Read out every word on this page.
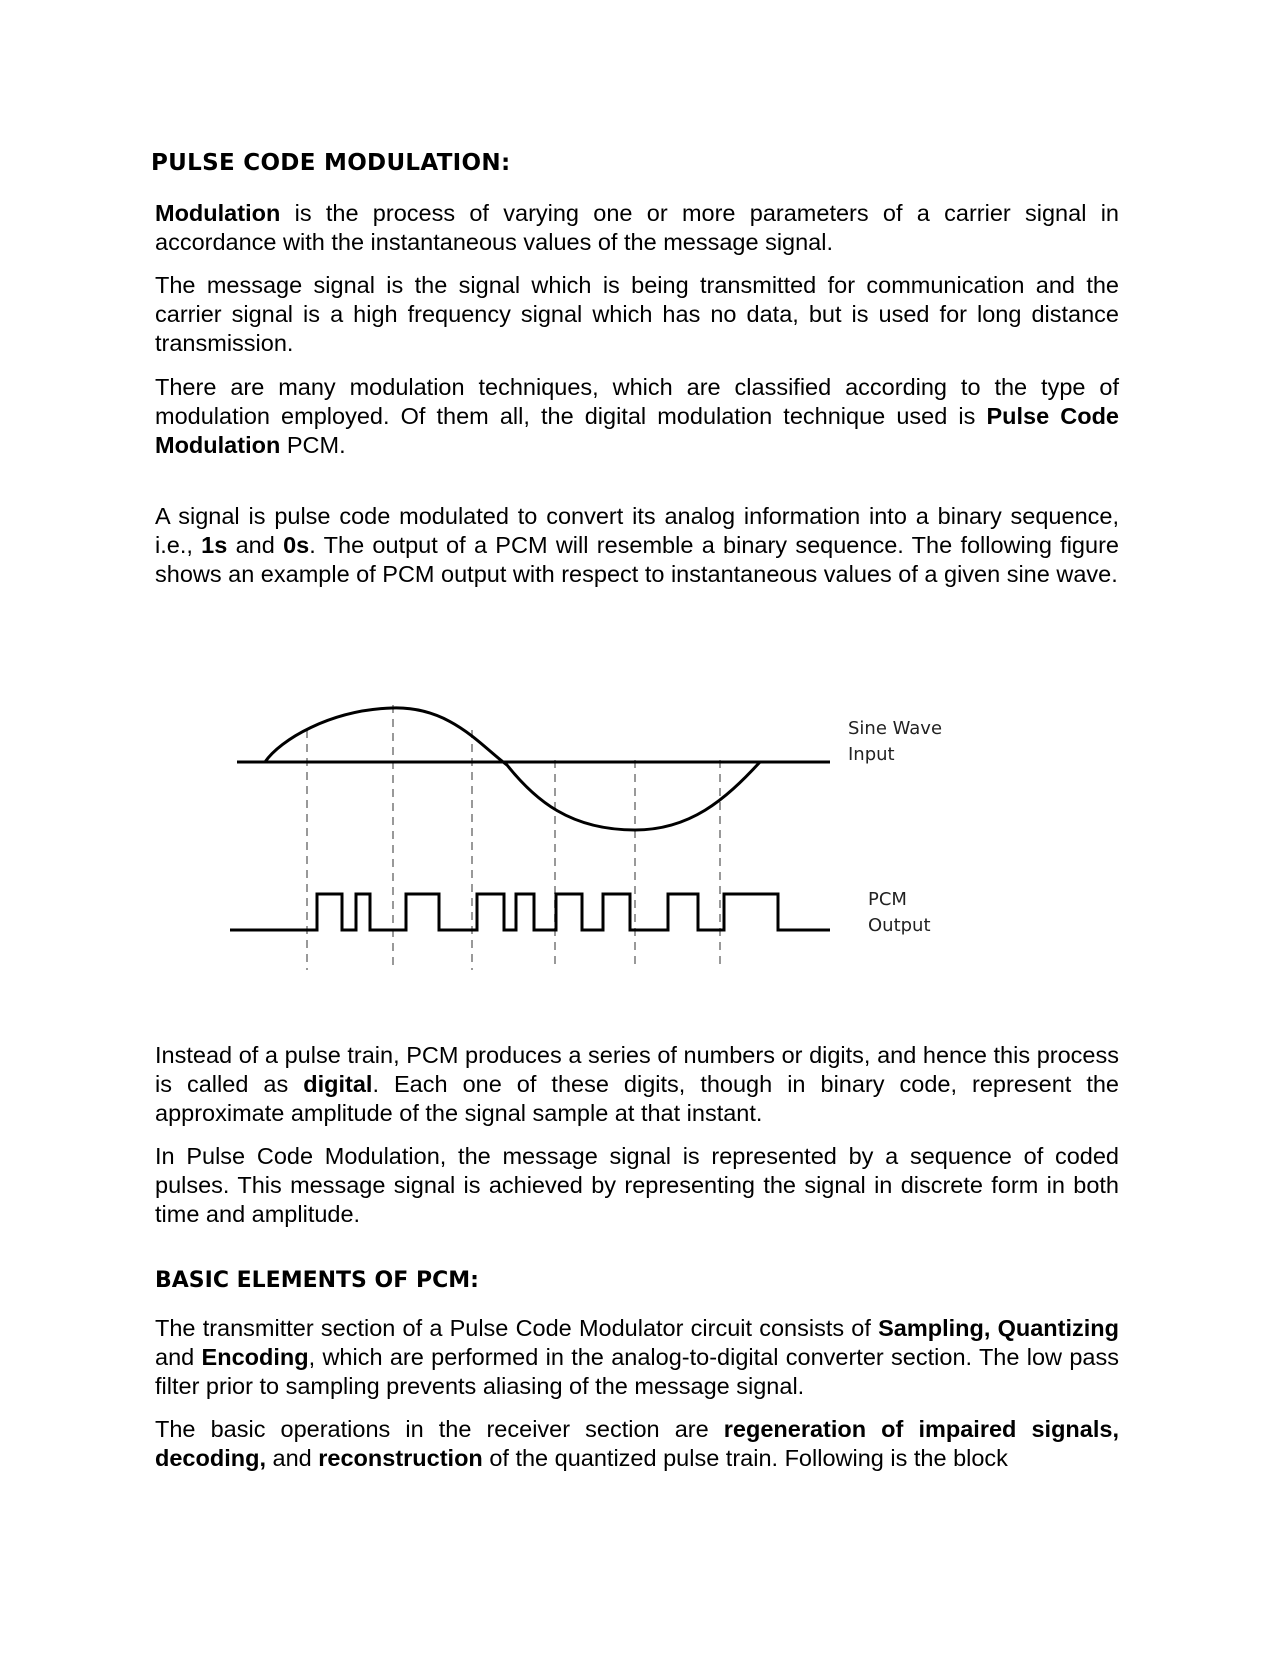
PULSE CODE MODULATION:

Modulation is the process of varying one or more parameters of a carrier signal in accordance with the instantaneous values of the message signal.

The message signal is the signal which is being transmitted for communication and the carrier signal is a high frequency signal which has no data, but is used for long distance transmission.

There are many modulation techniques, which are classified according to the type of modulation employed. Of them all, the digital modulation technique used is Pulse Code Modulation PCM.

A signal is pulse code modulated to convert its analog information into a binary sequence, i.e., 1s and 0s. The output of a PCM will resemble a binary sequence. The following figure shows an example of PCM output with respect to instantaneous values of a given sine wave.

Sine Wave
Input
PCM
Output

Instead of a pulse train, PCM produces a series of numbers or digits, and hence this process is called as digital. Each one of these digits, though in binary code, represent the approximate amplitude of the signal sample at that instant.

In Pulse Code Modulation, the message signal is represented by a sequence of coded pulses. This message signal is achieved by representing the signal in discrete form in both time and amplitude.

BASIC ELEMENTS OF PCM:

The transmitter section of a Pulse Code Modulator circuit consists of Sampling, Quantizing and Encoding, which are performed in the analog-to-digital converter section. The low pass filter prior to sampling prevents aliasing of the message signal.

The basic operations in the receiver section are regeneration of impaired signals, decoding, and reconstruction of the quantized pulse train. Following is the block
